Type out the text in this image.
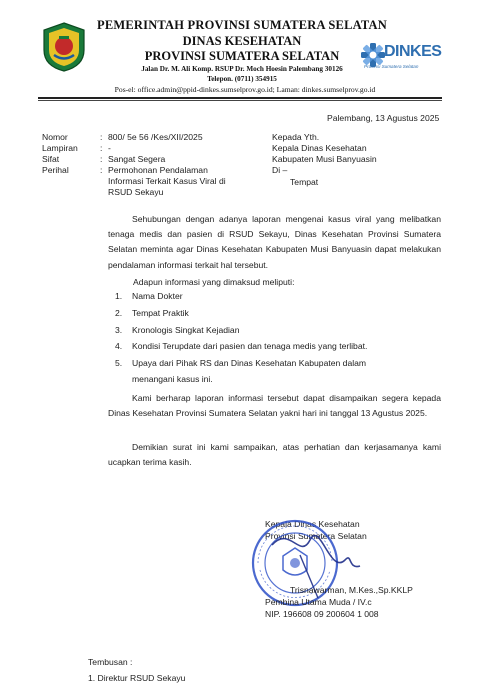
PEMERINTAH PROVINSI SUMATERA SELATAN
DINAS KESEHATAN
PROVINSI SUMATERA SELATAN
Jalan Dr. M. Ali Komp. RSUP Dr. Moch Hoesin Palembang 30126
Telepon. (0711) 354915
Pos-el: office.admin@ppid-dinkes.sumselprov.go.id; Laman: dinkes.sumselprov.go.id
DINKES
Provinsi Sumatera Selatan
Palembang, 13 Agustus 2025
Nomor	: 800/ 5e 56 /Kes/XII/2025
Lampiran	: -
Sifat	: Sangat Segera
Perihal	: Permohonan Pendalaman
Informasi Terkait Kasus Viral di
RSUD Sekayu
Kepada Yth.
Kepala Dinas Kesehatan
Kabupaten Musi Banyuasin
Di –
Tempat
Sehubungan dengan adanya laporan mengenai kasus viral yang melibatkan tenaga medis dan pasien di RSUD Sekayu, Dinas Kesehatan Provinsi Sumatera Selatan meminta agar Dinas Kesehatan Kabupaten Musi Banyuasin dapat melakukan pendalaman informasi terkait hal tersebut.
Adapun informasi yang dimaksud meliputi:
1. Nama Dokter
2. Tempat Praktik
3. Kronologis Singkat Kejadian
4. Kondisi Terupdate dari pasien dan tenaga medis yang terlibat.
5. Upaya dari Pihak RS dan Dinas Kesehatan Kabupaten dalam
menangani kasus ini.
Kami berharap laporan informasi tersebut dapat disampaikan segera kepada Dinas Kesehatan Provinsi Sumatera Selatan yakni hari ini tanggal 13 Agustus 2025.
Demikian surat ini kami sampaikan, atas perhatian dan kerjasamanya kami ucapkan terima kasih.
Kepala Dinas Kesehatan
Provinsi Sumatera Selatan
Trisnawarman, M.Kes.,Sp.KKLP
Pembina Utama Muda / IV.c
NIP. 196608 09 200604 1 008
Tembusan :
1. Direktur RSUD Sekayu
